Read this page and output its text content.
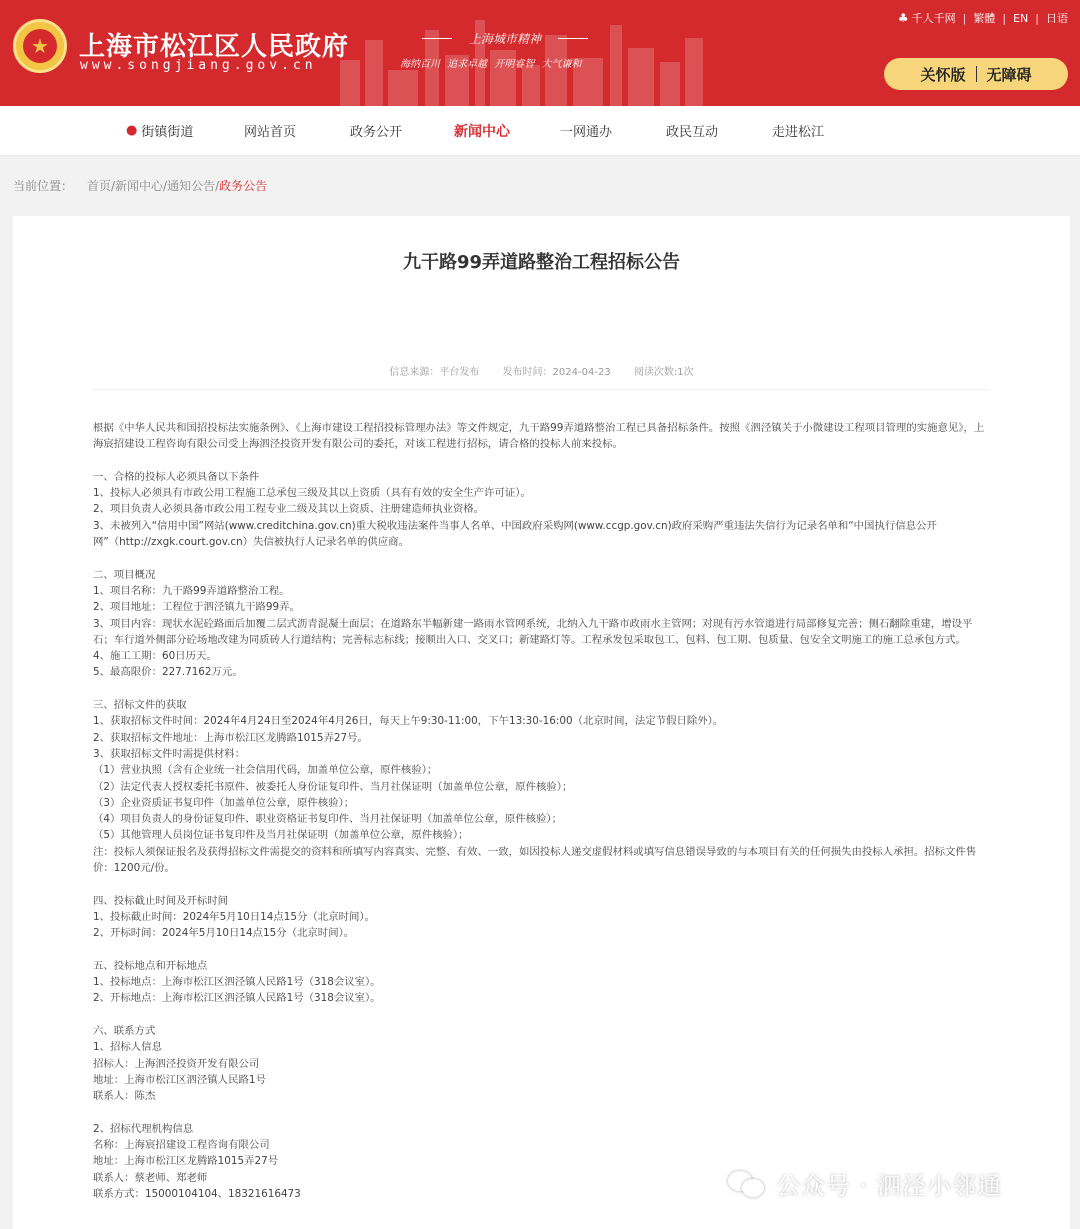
★	上海市松江区人民政府
www.songjiang.gov.cn
上海城市精神
海纳百川 追求卓越 开明睿智 大气谦和
♣ 千人千网 | 繁體 | EN | 日语
关怀版 无障碍
● 街镇街道	网站首页	政务公开	新闻中心	一网通办	政民互动	走进松江
当前位置： 首页/新闻中心/通知公告/ 政务公告
九干路99弄道路整治工程招标公告
信息来源：平台发布 发布时间：2024-04-23 阅读次数:1次

根据《中华人民共和国招投标法实施条例》、《上海市建设工程招投标管理办法》等文件规定，九干路99弄道路整治工程已具备招标条件。按照《泗泾镇关于小微建设工程项目管理的实施意见》，上海宸招建设工程咨询有限公司受上海泗泾投资开发有限公司的委托，对该工程进行招标，请合格的投标人前来投标。

一、合格的投标人必须具备以下条件

1、投标人必须具有市政公用工程施工总承包三级及其以上资质（具有有效的安全生产许可证）。

2、项目负责人必须具备市政公用工程专业二级及其以上资质、注册建造师执业资格。

3、未被列入“信用中国”网站(www.creditchina.gov.cn)重大税收违法案件当事人名单、中国政府采购网(www.ccgp.gov.cn)政府采购严重违法失信行为记录名单和“中国执行信息公开网”（http://zxgk.court.gov.cn）失信被执行人记录名单的供应商。

二、项目概况

1、项目名称：九干路99弄道路整治工程。

2、项目地址：工程位于泗泾镇九干路99弄。

3、项目内容：现状水泥砼路面后加覆二层式沥青混凝土面层；在道路东半幅新建一路雨水管网系统，北纳入九干路市政雨水主管网；对现有污水管道进行局部修复完善；侧石翻除重建，增设平石；车行道外侧部分砼场地改建为同质砖人行道结构；完善标志标线；接顺出入口、交叉口；新建路灯等。工程承发包采取包工、包料、包工期、包质量、包安全文明施工的施工总承包方式。

4、施工工期：60日历天。

5、最高限价：227.7162万元。

三、招标文件的获取

1、获取招标文件时间：2024年4月24日至2024年4月26日，每天上午9:30-11:00，下午13:30-16:00（北京时间，法定节假日除外）。

2、获取招标文件地址：上海市松江区龙腾路1015弄27号。

3、获取招标文件时需提供材料：

（1）营业执照（含有企业统一社会信用代码，加盖单位公章，原件核验）；

（2）法定代表人授权委托书原件、被委托人身份证复印件、当月社保证明（加盖单位公章，原件核验）；

（3）企业资质证书复印件（加盖单位公章，原件核验）；

（4）项目负责人的身份证复印件、职业资格证书复印件、当月社保证明（加盖单位公章，原件核验）；

（5）其他管理人员岗位证书复印件及当月社保证明（加盖单位公章，原件核验）；

注：投标人须保证报名及获得招标文件需提交的资料和所填写内容真实、完整、有效、一致，如因投标人递交虚假材料或填写信息错误导致的与本项目有关的任何损失由投标人承担。招标文件售价：1200元/份。

四、投标截止时间及开标时间

1、投标截止时间：2024年5月10日14点15分（北京时间）。

2、开标时间：2024年5月10日14点15分（北京时间）。

五、投标地点和开标地点

1、投标地点：上海市松江区泗泾镇人民路1号（318会议室）。

2、开标地点：上海市松江区泗泾镇人民路1号（318会议室）。

六、联系方式

1、招标人信息

招标人：上海泗泾投资开发有限公司

地址：上海市松江区泗泾镇人民路1号

联系人：陈杰

2、招标代理机构信息

名称：上海宸招建设工程咨询有限公司

地址：上海市松江区龙腾路1015弄27号

联系人：蔡老师、郑老师

联系方式：15000104104、18321616473	公众号 · 泗泾小邻通
